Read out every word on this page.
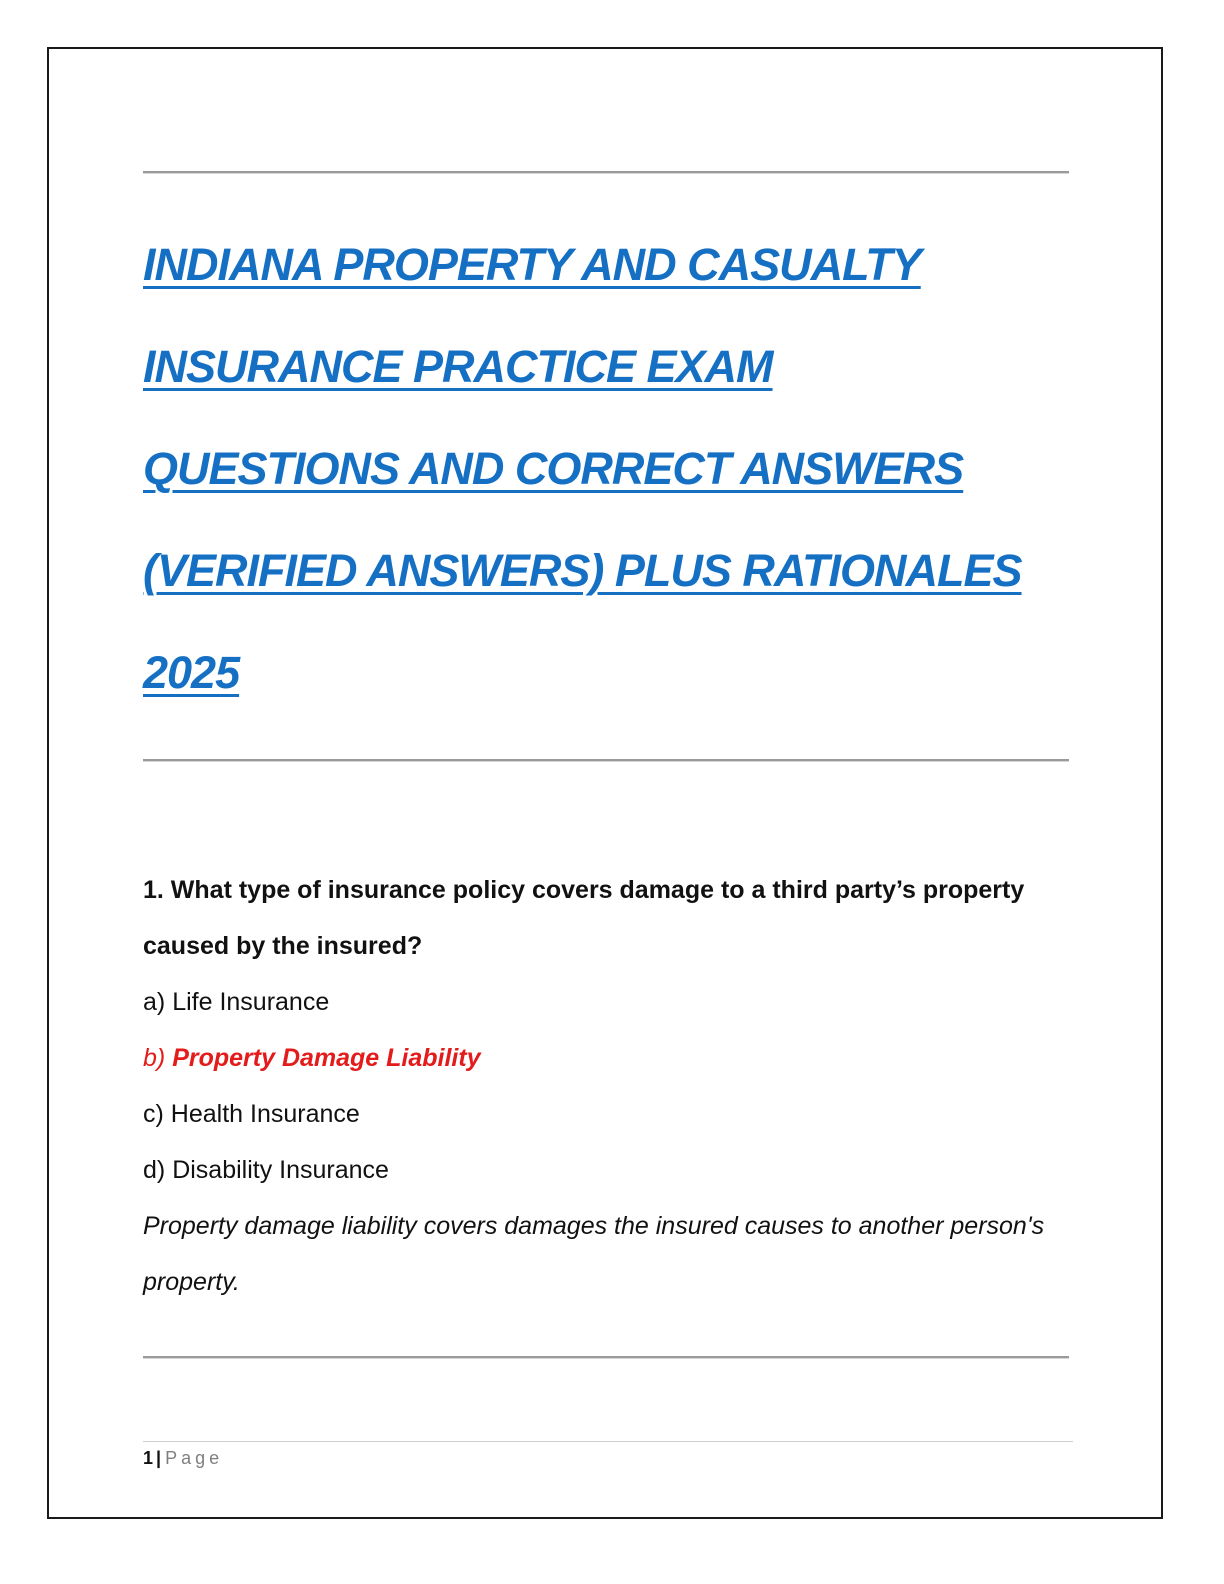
INDIANA PROPERTY AND CASUALTY
INSURANCE PRACTICE EXAM
QUESTIONS AND CORRECT ANSWERS
(VERIFIED ANSWERS) PLUS RATIONALES
2025

1. What type of insurance policy covers damage to a third party’s property caused by the insured?

a) Life Insurance

b) Property Damage Liability

c) Health Insurance

d) Disability Insurance

Property damage liability covers damages the insured causes to another person's property.

1 | Page
